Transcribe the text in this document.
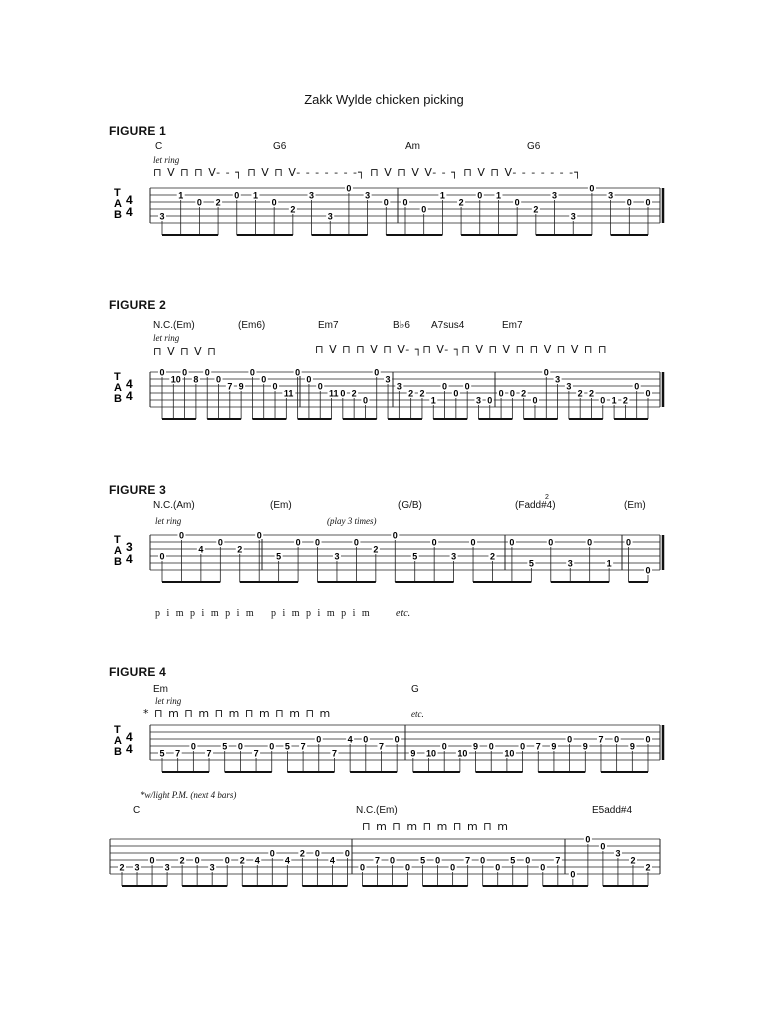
Zakk Wylde chicken picking
FIGURE 1
C	G6	Am	G6
let ring
⊓ V ⊓ ⊓ V- - ┐ ⊓ V ⊓ V- - - - - - -┐ ⊓ V ⊓ V V- - ┐ ⊓ V ⊓ V- - - - - - -┐
T
A
B
4
4	3
1
0 2
0 1
0
2
3
3
0
3
0 0
0
1
2
0 1
0
2
3
3
0
3
0 0
FIGURE 2
N.C.(Em)	(Em6)	Em7	B♭6 A7sus4	Em7
let ring
⊓ V ⊓ V ⊓	⊓ V ⊓ ⊓ V ⊓ V- ┐⊓ V- ┐⊓ V ⊓ V ⊓ ⊓ V ⊓ V ⊓ ⊓
T
A
B
4
4
0
10
0
8
0
0
7 9
0
0
0
11
0
0
0
11 0 2
0
0
3
3
2 2
1
0
0
0
3 0
0 0 2
0
0
3
3
2 2
0 1 2
0
0
FIGURE 3
N.C.(Am)	(Em)	(G/B)	(Fadd#4)
2
(Em)
let ring	(play 3 times)
p i m p i m p i m p i m p i m p i m etc.
T
A
B
3
4	0
0
4
0
2
0
5
0 0
3
0
2
0
5
0
3
0
2
0
5
0
3
0
1
0
0
FIGURE 4
Em	G
let ring
* ⊓ m ⊓ m ⊓ m ⊓ m ⊓ m ⊓ m	etc.
*w/light P.M. (next 4 bars)
T
A
B
4
4	5 7
0
7
5 0
7
0 5 7
0
7
4 0
7
0
9 10
0
10
9 0
10
0 7 9
0
9
7 0
9
0
C	N.C.(Em)	E5add#4
⊓ m ⊓ m ⊓ m ⊓ m ⊓ m
2 3
0
3
2 0
3
0 2 4
0
4
2 0
4
0
0
7 0
0
5 0
0
7 0
0
5 0
0
7
0
0
0
3
2
2
